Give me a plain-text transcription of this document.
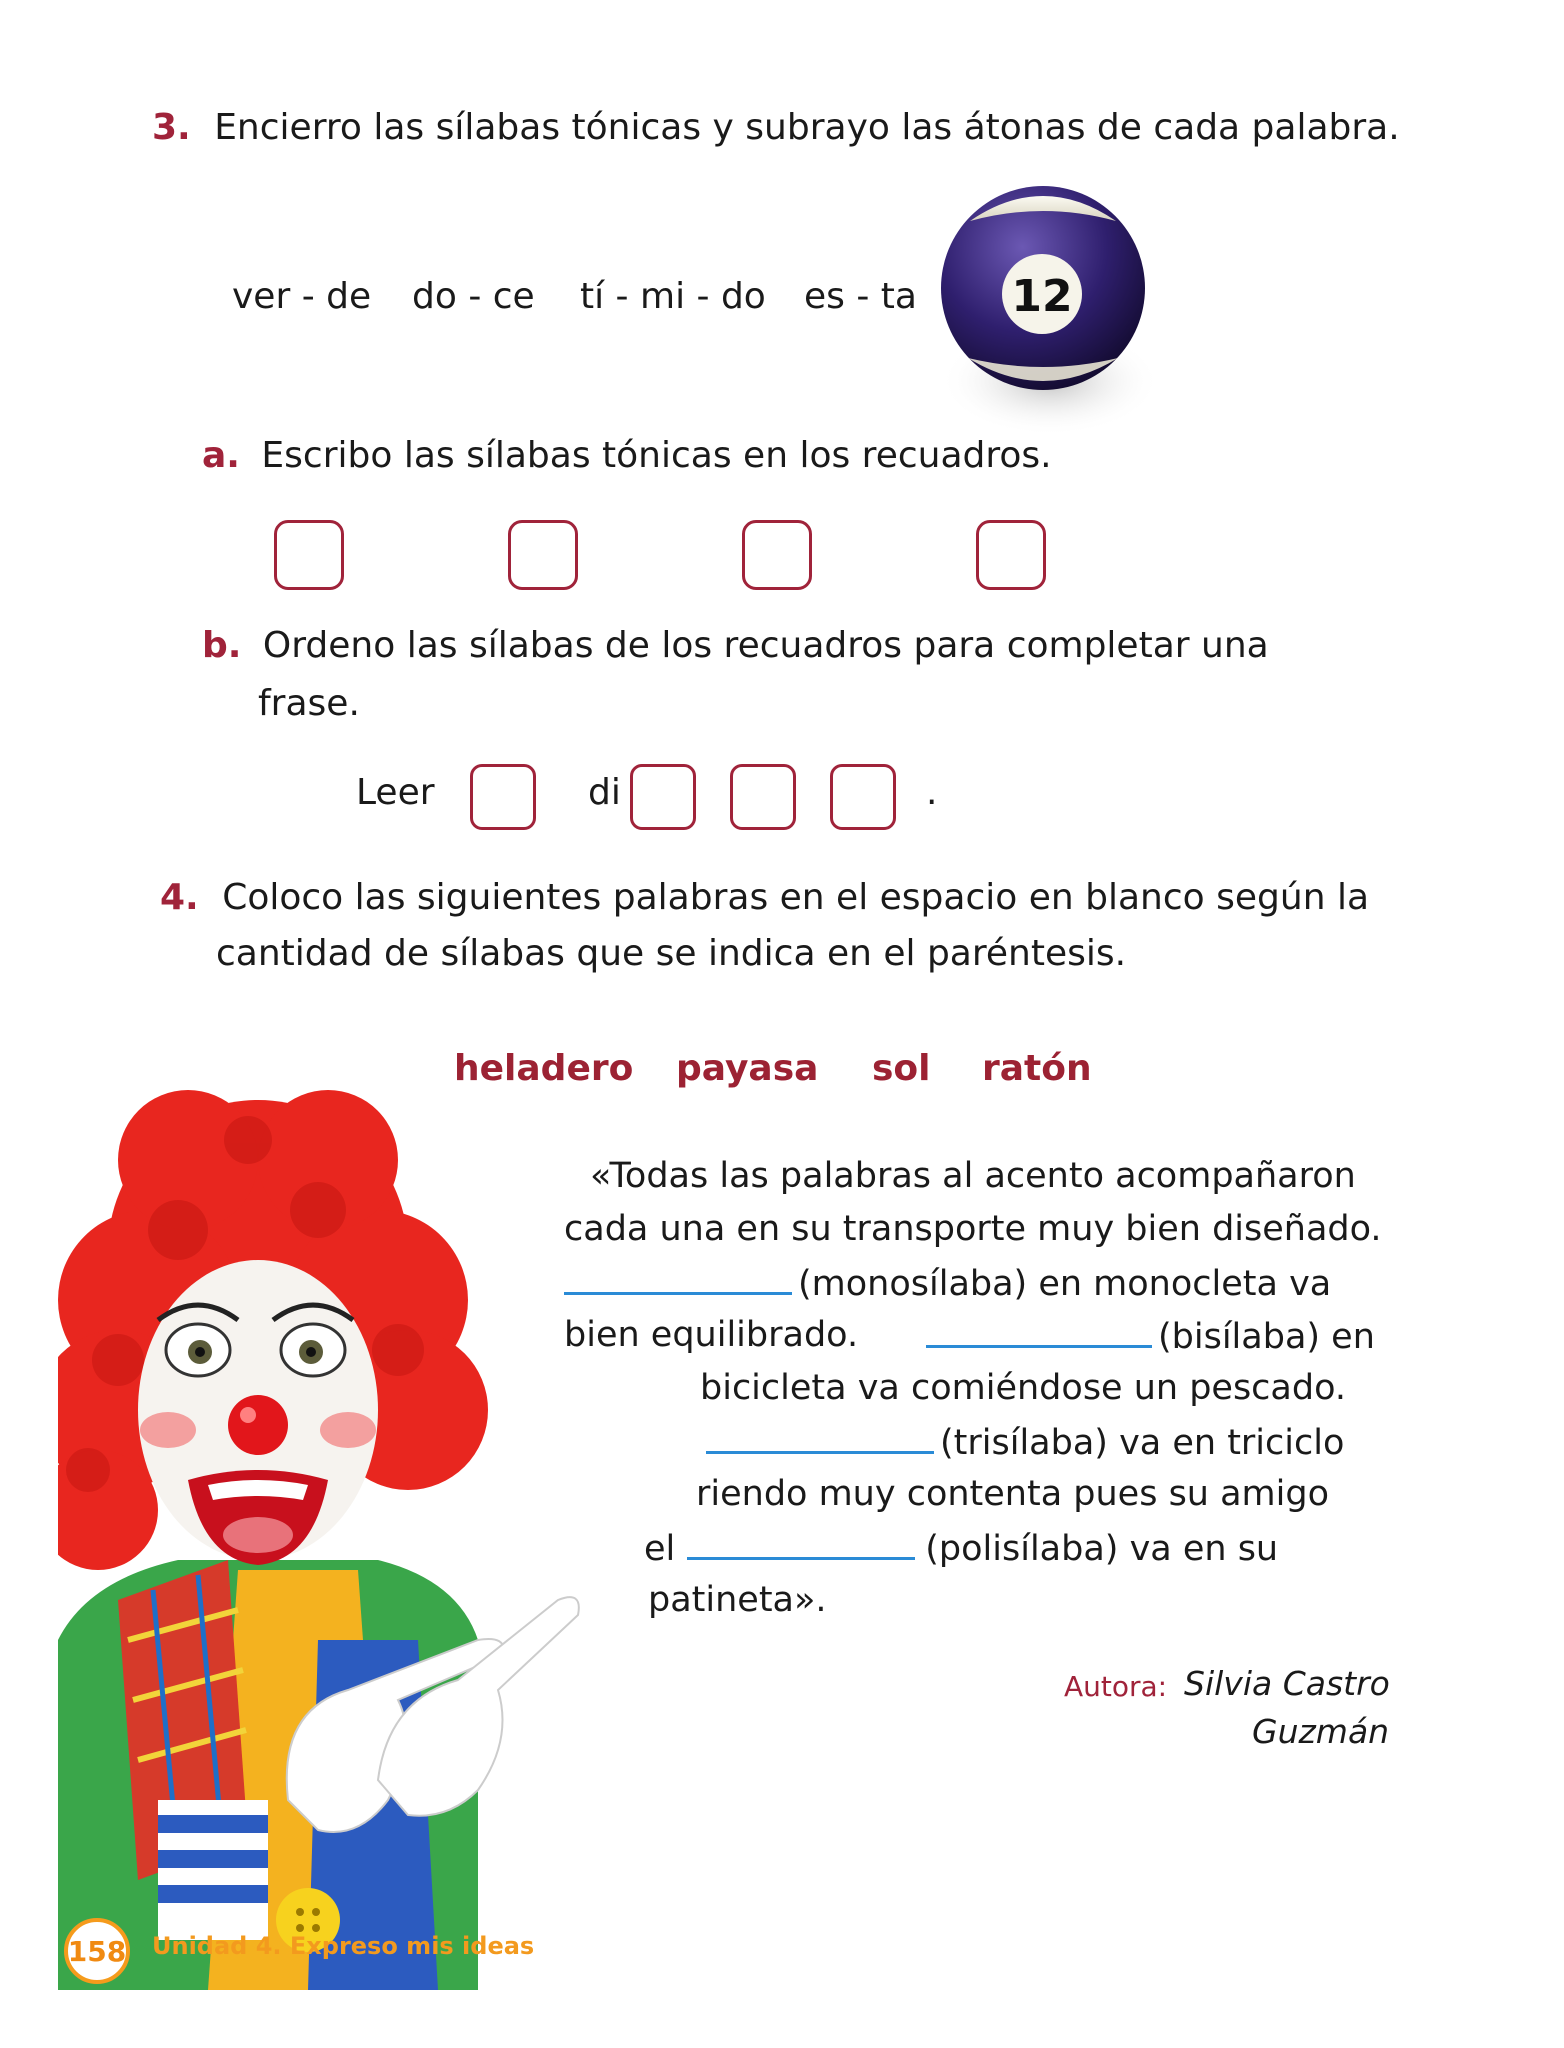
3. Encierro las sílabas tónicas y subrayo las átonas de cada palabra.
ver - de do - ce tí - mi - do es - ta 12
a. Escribo las sílabas tónicas en los recuadros.
b. Ordeno las sílabas de los recuadros para completar una
frase.
Leer	di	.
4. Coloco las siguientes palabras en el espacio en blanco según la
cantidad de sílabas que se indica en el paréntesis.
heladero payasa sol ratón
«Todas las palabras al acento acompañaron
cada una en su transporte muy bien diseñado.
(monosílaba) en monocleta va
bien equilibrado.	(bisílaba) en
bicicleta va comiéndose un pescado.
(trisílaba) va en triciclo
riendo muy contenta pues su amigo
el	(polisílaba) va en su
patineta».
Autora: Silvia Castro
Guzmán
158 Unidad 4. Expreso mis ideas
